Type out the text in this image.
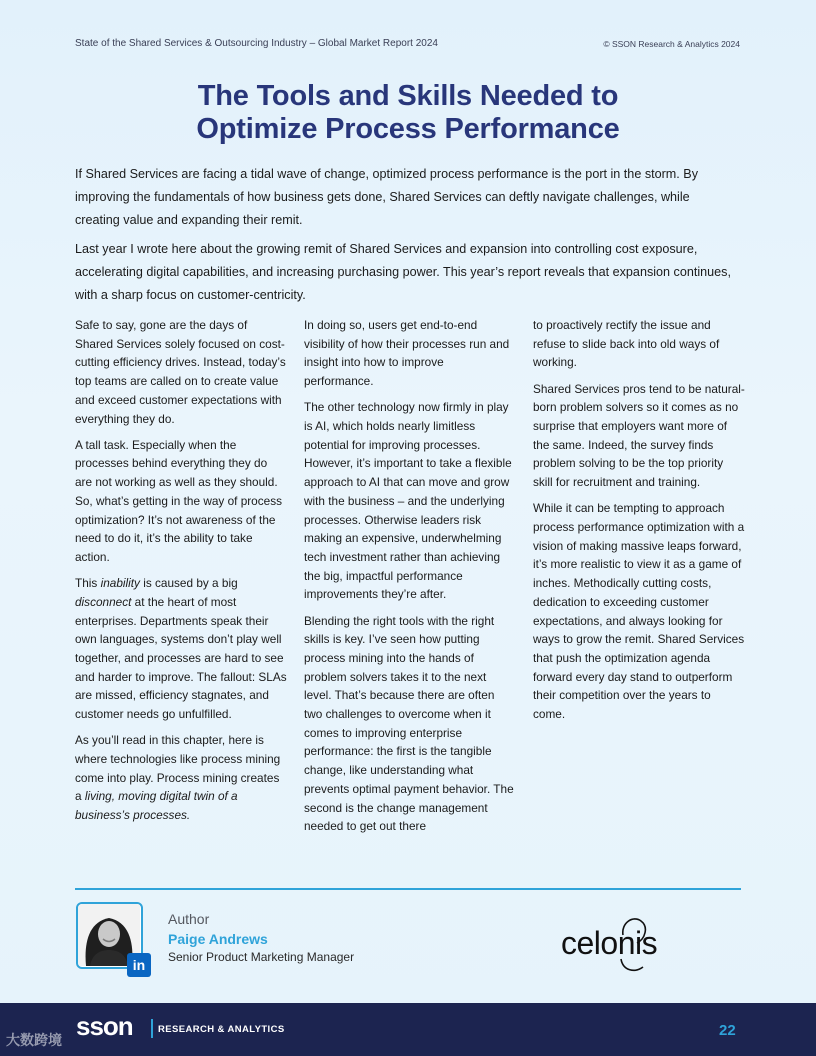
State of the Shared Services & Outsourcing Industry – Global Market Report 2024	© SSON Research & Analytics 2024
The Tools and Skills Needed to
Optimize Process Performance

If Shared Services are facing a tidal wave of change, optimized process performance is the port in the storm. By improving the fundamentals of how business gets done, Shared Services can deftly navigate challenges, while creating value and expanding their remit.

Last year I wrote here about the growing remit of Shared Services and expansion into controlling cost exposure, accelerating digital capabilities, and increasing purchasing power. This year’s report reveals that expansion continues, with a sharp focus on customer-centricity.

Safe to say, gone are the days of Shared Services solely focused on cost-cutting efficiency drives. Instead, today’s top teams are called on to create value and exceed customer expectations with everything they do.

A tall task. Especially when the processes behind everything they do are not working as well as they should. So, what’s getting in the way of process optimization? It’s not awareness of the need to do it, it’s the ability to take action.

This inability is caused by a big disconnect at the heart of most enterprises. Departments speak their own languages, systems don’t play well together, and processes are hard to see and harder to improve. The fallout: SLAs are missed, efficiency stagnates, and customer needs go unfulfilled.

As you’ll read in this chapter, here is where technologies like process mining come into play. Process mining creates a living, moving digital twin of a business’s processes.

In doing so, users get end-to-end visibility of how their processes run and insight into how to improve performance.

The other technology now firmly in play is AI, which holds nearly limitless potential for improving processes. However, it’s important to take a flexible approach to AI that can move and grow with the business – and the underlying processes. Otherwise leaders risk making an expensive, underwhelming tech investment rather than achieving the big, impactful performance improvements they’re after.

Blending the right tools with the right skills is key. I’ve seen how putting process mining into the hands of problem solvers takes it to the next level. That’s because there are often two challenges to overcome when it comes to improving enterprise performance: the first is the tangible change, like understanding what prevents optimal payment behavior. The second is the change management needed to get out there

to proactively rectify the issue and refuse to slide back into old ways of working.

Shared Services pros tend to be natural-born problem solvers so it comes as no surprise that employers want more of the same. Indeed, the survey finds problem solving to be the top priority skill for recruitment and training.

While it can be tempting to approach process performance optimization with a vision of making massive leaps forward, it’s more realistic to view it as a game of inches. Methodically cutting costs, dedication to exceeding customer expectations, and always looking for ways to grow the remit. Shared Services that push the optimization agenda forward every day stand to outperform their competition over the years to come.

in
Author
Paige Andrews
Senior Product Marketing Manager	celonis
大数跨境 sson	RESEARCH & ANALYTICS	22
